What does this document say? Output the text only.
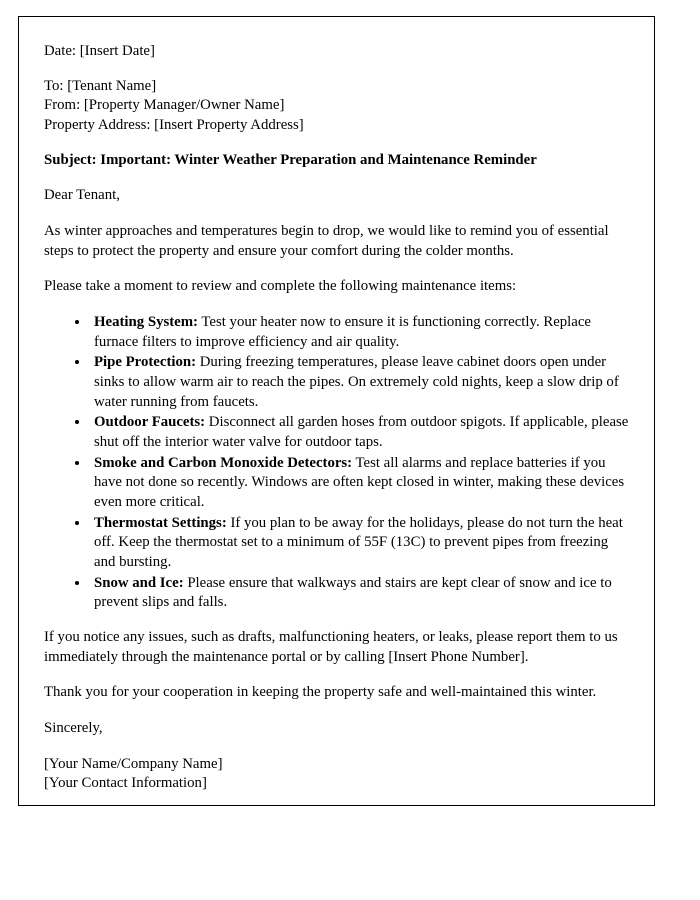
Date: [Insert Date]
To: [Tenant Name]
From: [Property Manager/Owner Name]
Property Address: [Insert Property Address]
Subject: Important: Winter Weather Preparation and Maintenance Reminder
Dear Tenant,
As winter approaches and temperatures begin to drop, we would like to remind you of essential steps to protect the property and ensure your comfort during the colder months.
Please take a moment to review and complete the following maintenance items:
• Heating System: Test your heater now to ensure it is functioning correctly. Replace furnace filters to improve efficiency and air quality.
• Pipe Protection: During freezing temperatures, please leave cabinet doors open under sinks to allow warm air to reach the pipes. On extremely cold nights, keep a slow drip of water running from faucets.
• Outdoor Faucets: Disconnect all garden hoses from outdoor spigots. If applicable, please shut off the interior water valve for outdoor taps.
• Smoke and Carbon Monoxide Detectors: Test all alarms and replace batteries if you have not done so recently. Windows are often kept closed in winter, making these devices even more critical.
• Thermostat Settings: If you plan to be away for the holidays, please do not turn the heat off. Keep the thermostat set to a minimum of 55F (13C) to prevent pipes from freezing and bursting.
• Snow and Ice: Please ensure that walkways and stairs are kept clear of snow and ice to prevent slips and falls.
If you notice any issues, such as drafts, malfunctioning heaters, or leaks, please report them to us immediately through the maintenance portal or by calling [Insert Phone Number].
Thank you for your cooperation in keeping the property safe and well-maintained this winter.
Sincerely,
[Your Name/Company Name]
[Your Contact Information]
